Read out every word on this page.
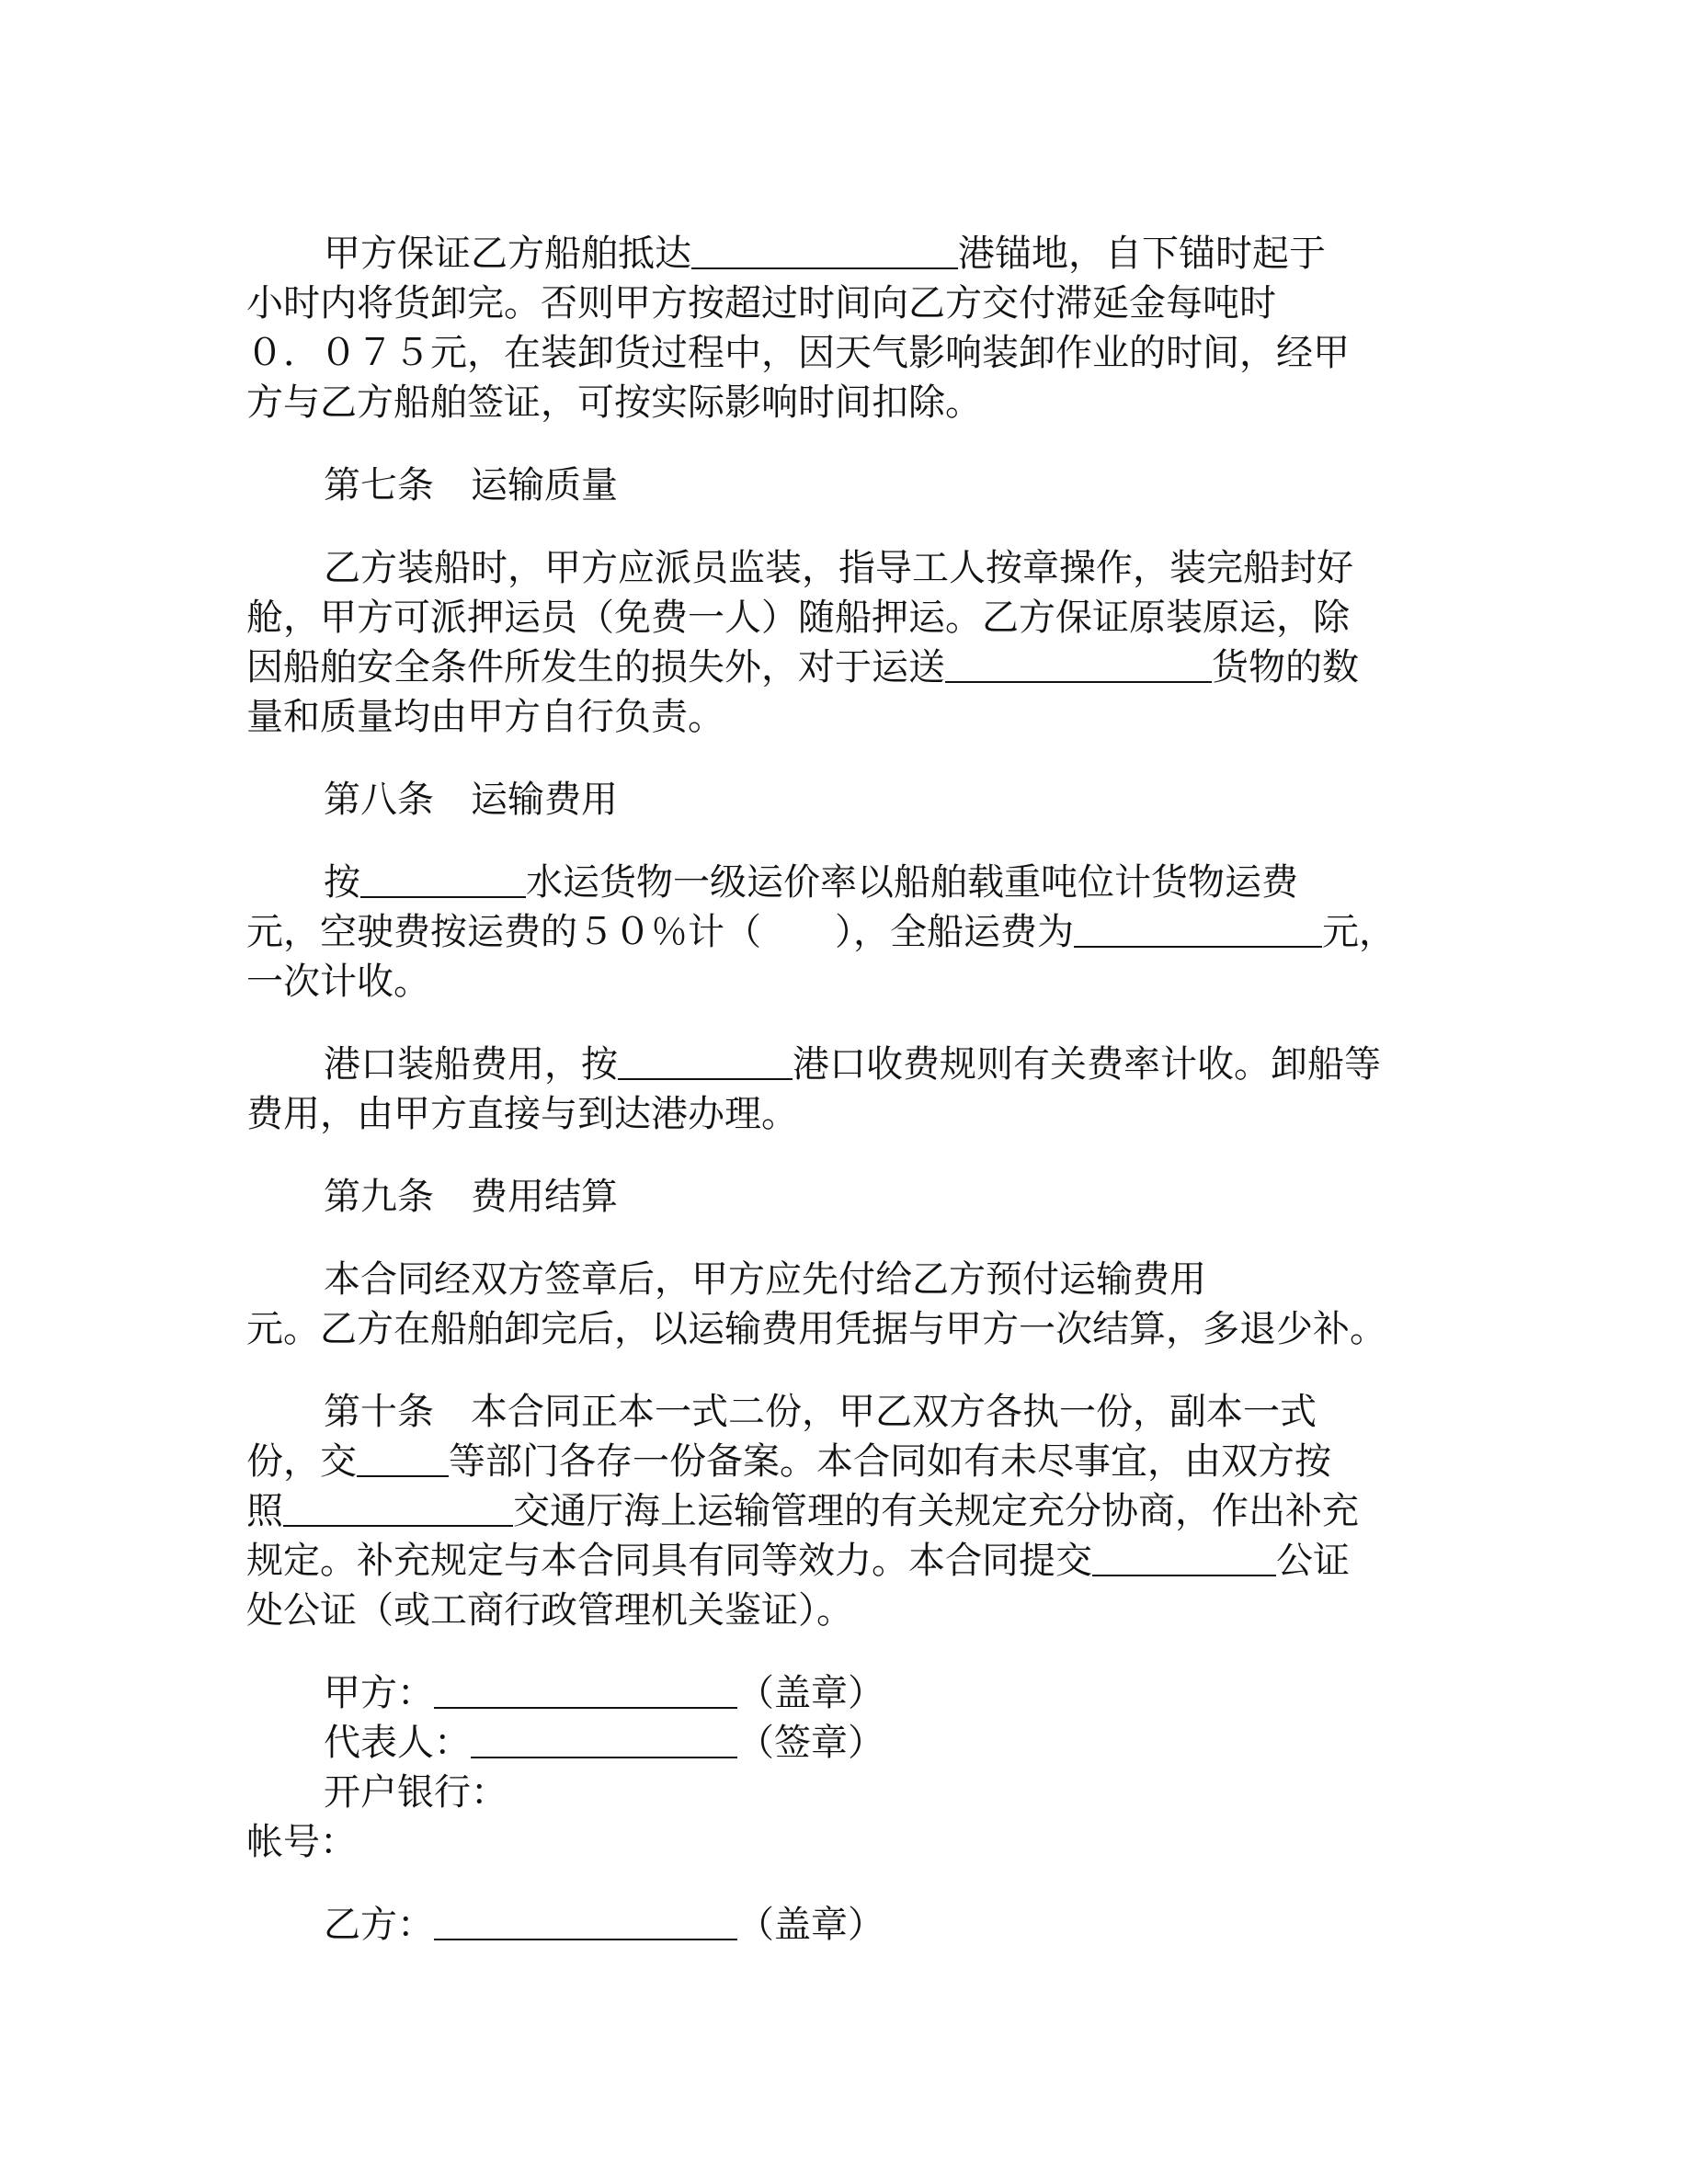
甲方保证乙方船舶抵达	港锚地，自下锚时起于
小时内将货卸完。否则甲方按超过时间向乙方交付滞延金每吨时
０．０７５元，在装卸货过程中，因天气影响装卸作业的时间，经甲
方与乙方船舶签证，可按实际影响时间扣除。
第七条　运输质量
乙方装船时，甲方应派员监装，指导工人按章操作，装完船封好
舱，甲方可派押运员（免费一人）随船押运。乙方保证原装原运，除
因船舶安全条件所发生的损失外，对于运送	货物的数
量和质量均由甲方自行负责。
第八条　运输费用
按	水运货物一级运价率以船舶载重吨位计货物运费
元，空驶费按运费的５０％计（　　），全船运费为	元，
一次计收。
港口装船费用，按	港口收费规则有关费率计收。卸船等
费用，由甲方直接与到达港办理。
第九条　费用结算
本合同经双方签章后，甲方应先付给乙方预付运输费用
元。乙方在船舶卸完后，以运输费用凭据与甲方一次结算，多退少补。
第十条　本合同正本一式二份，甲乙双方各执一份，副本一式
份，交	等部门各存一份备案。本合同如有未尽事宜，由双方按
照	交通厅海上运输管理的有关规定充分协商，作出补充
规定。补充规定与本合同具有同等效力。本合同提交	公证
处公证（或工商行政管理机关鉴证）。
甲方：	（盖章）
代表人：	（签章）
开户银行：
帐号：
乙方：	（盖章）
